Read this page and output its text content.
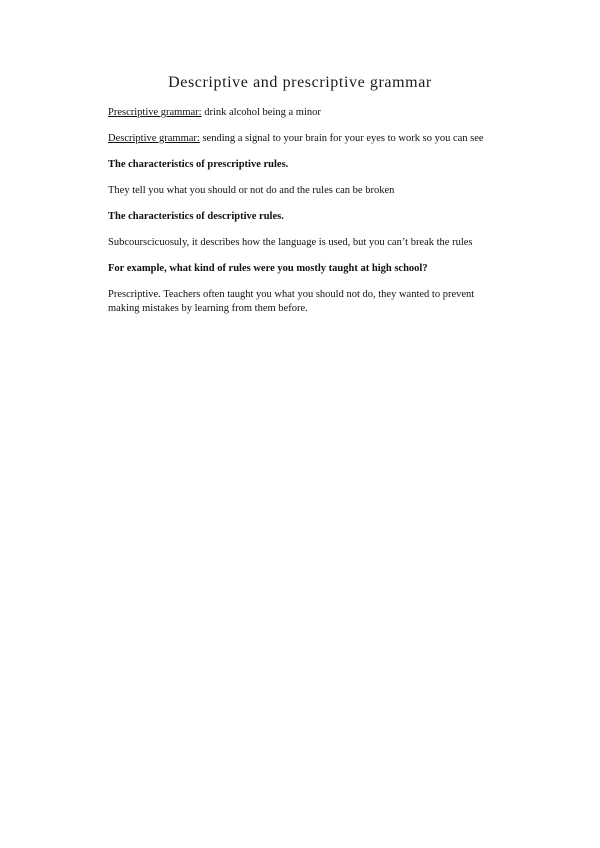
Descriptive and prescriptive grammar

Prescriptive grammar: drink alcohol being a minor

Descriptive grammar: sending a signal to your brain for your eyes to work so you can see

The characteristics of prescriptive rules.

They tell you what you should or not do and the rules can be broken

The characteristics of descriptive rules.

Subcourscicuosuly, it describes how the language is used, but you can’t break the rules

For example, what kind of rules were you mostly taught at high school?

Prescriptive. Teachers often taught you what you should not do, they wanted to prevent making mistakes by learning from them before.
